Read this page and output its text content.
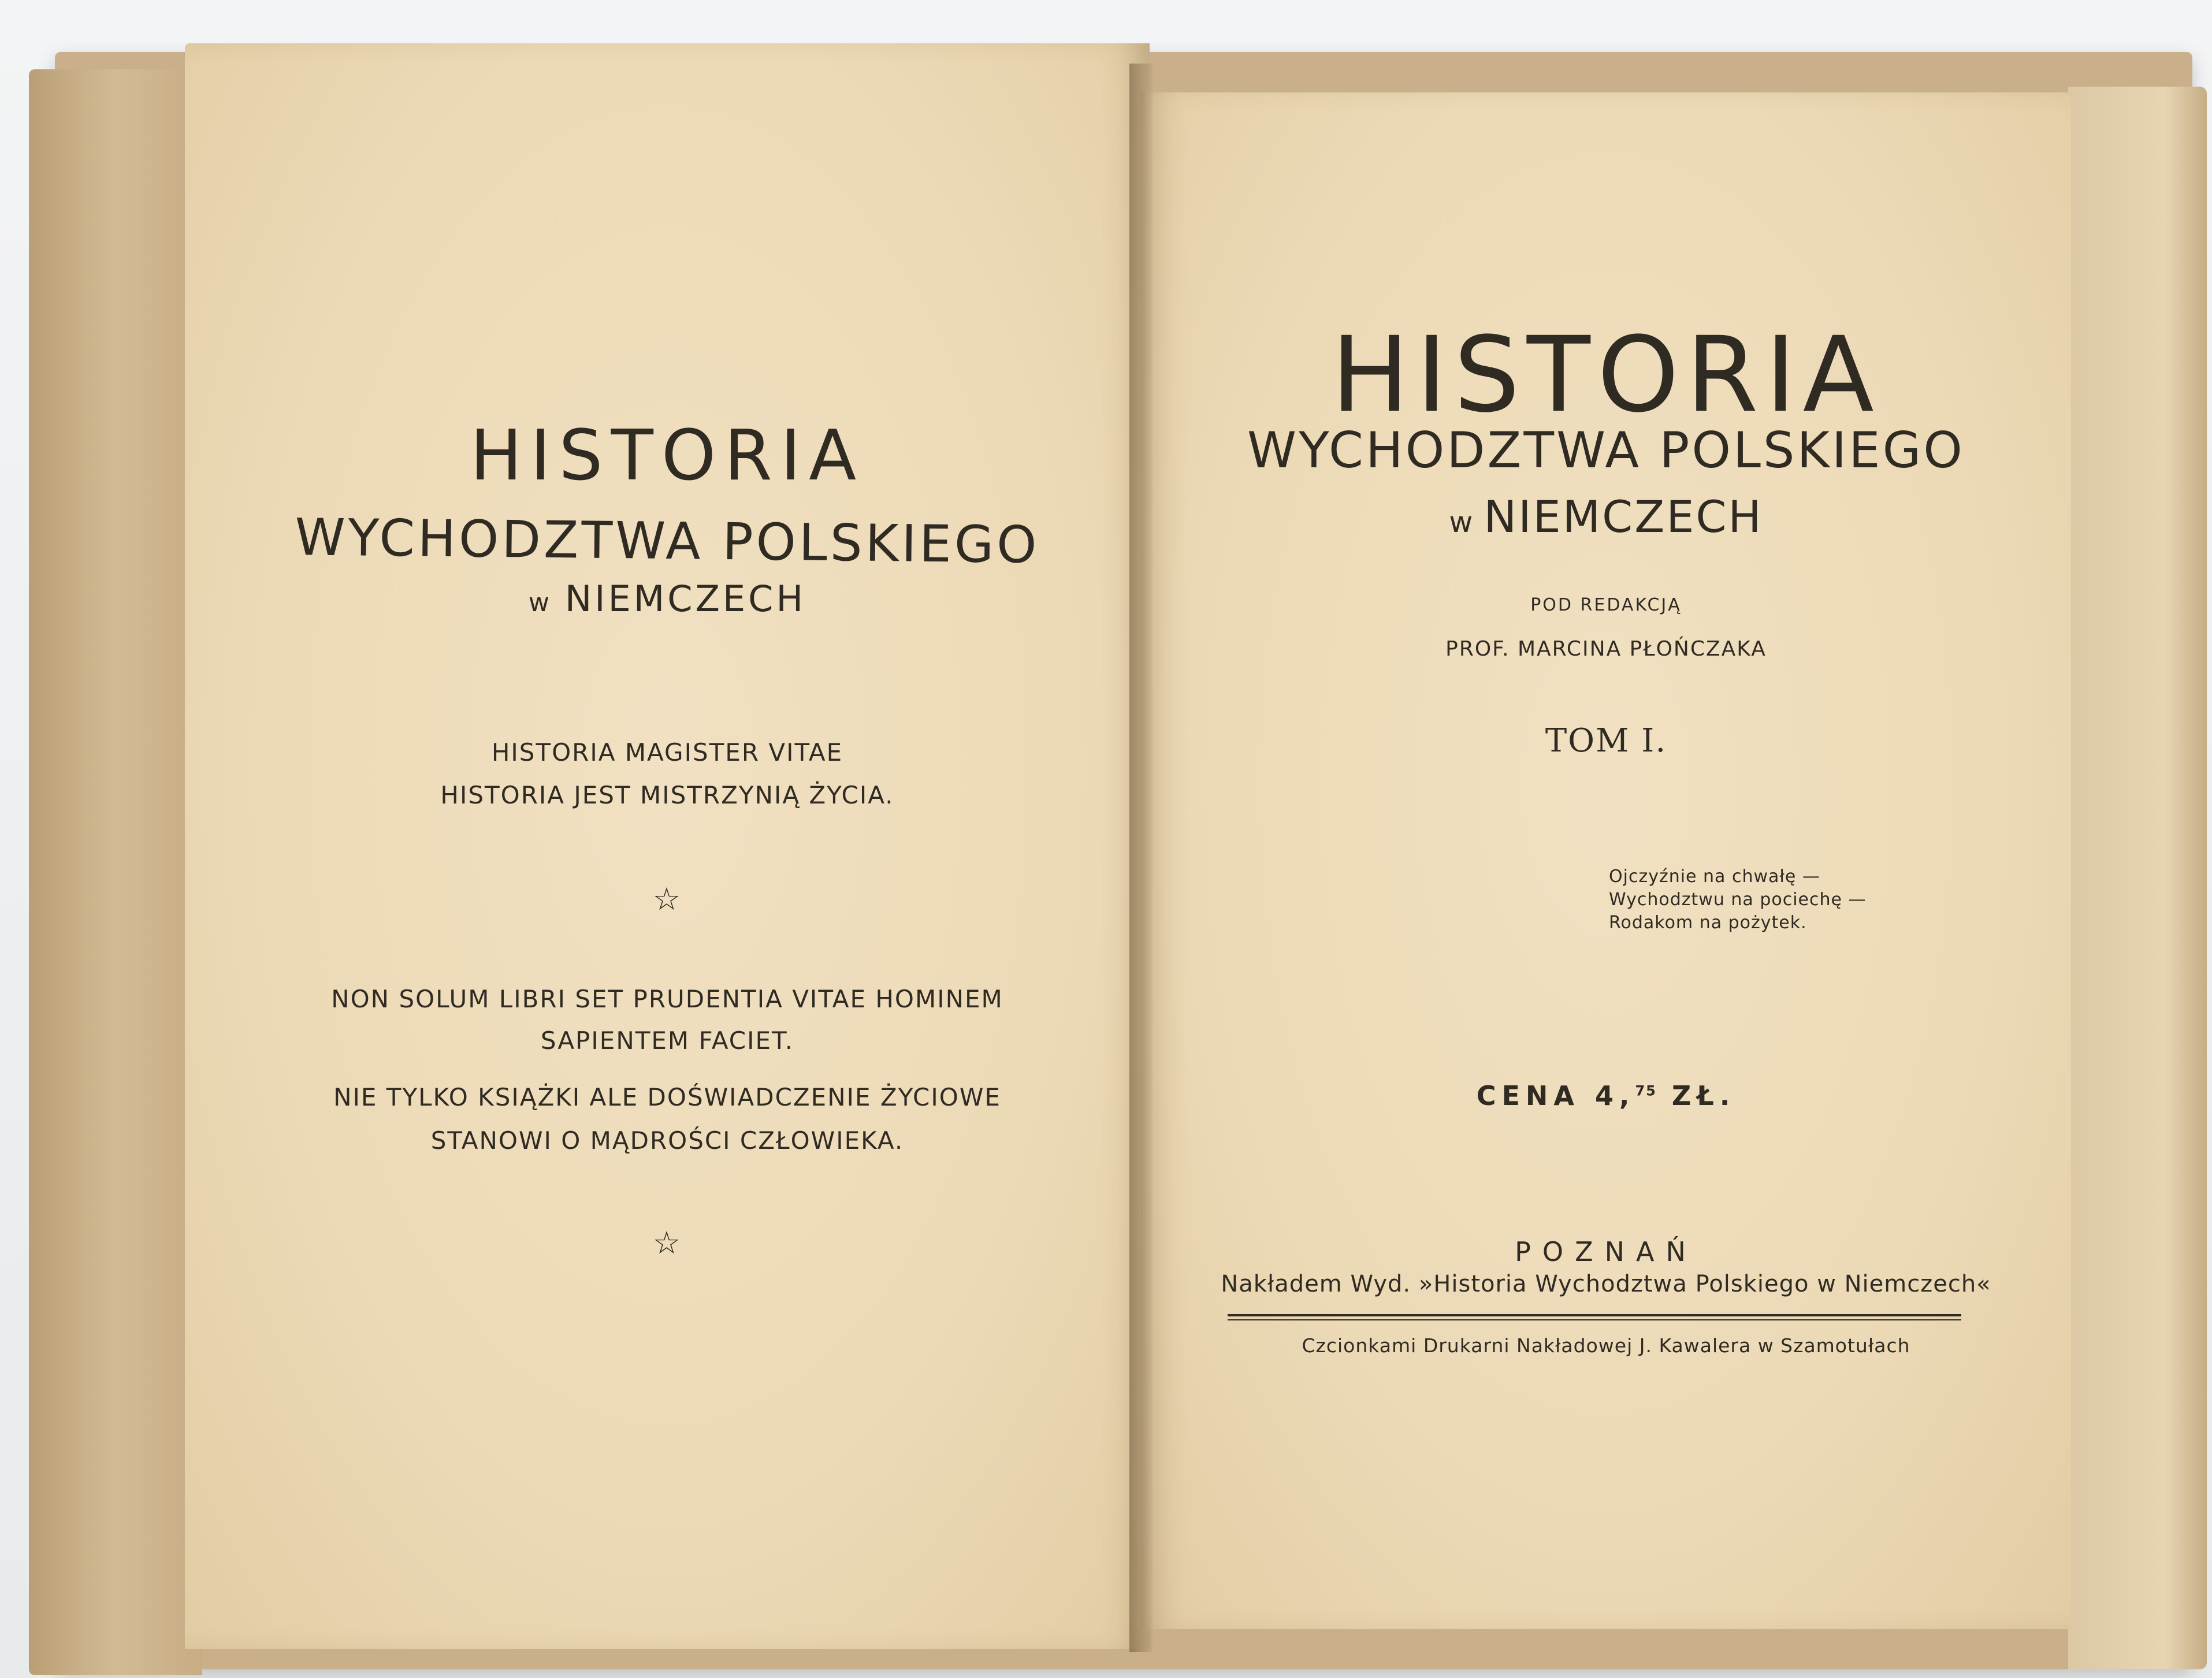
HISTORIA
WYCHODZTWA POLSKIEGO
w NIEMCZECH
HISTORIA MAGISTER VITAE
HISTORIA JEST MISTRZYNIĄ ŻYCIA.
☆
NON SOLUM LIBRI SET PRUDENTIA VITAE HOMINEM
SAPIENTEM FACIET.
NIE TYLKO KSIĄŻKI ALE DOŚWIADCZENIE ŻYCIOWE
STANOWI O MĄDROŚCI CZŁOWIEKA.
☆
HISTORIA
WYCHODZTWA POLSKIEGO
w NIEMCZECH
POD REDAKCJĄ
PROF. MARCINA PŁOŃCZAKA
TOM I.
Ojczyźnie na chwałę —
Wychodztwu na pociechę —
Rodakom na pożytek.
CENA 4,75 ZŁ.
POZNAŃ
Nakładem Wyd. »Historia Wychodztwa Polskiego w Niemczech«
Czcionkami Drukarni Nakładowej J. Kawalera w Szamotułach
